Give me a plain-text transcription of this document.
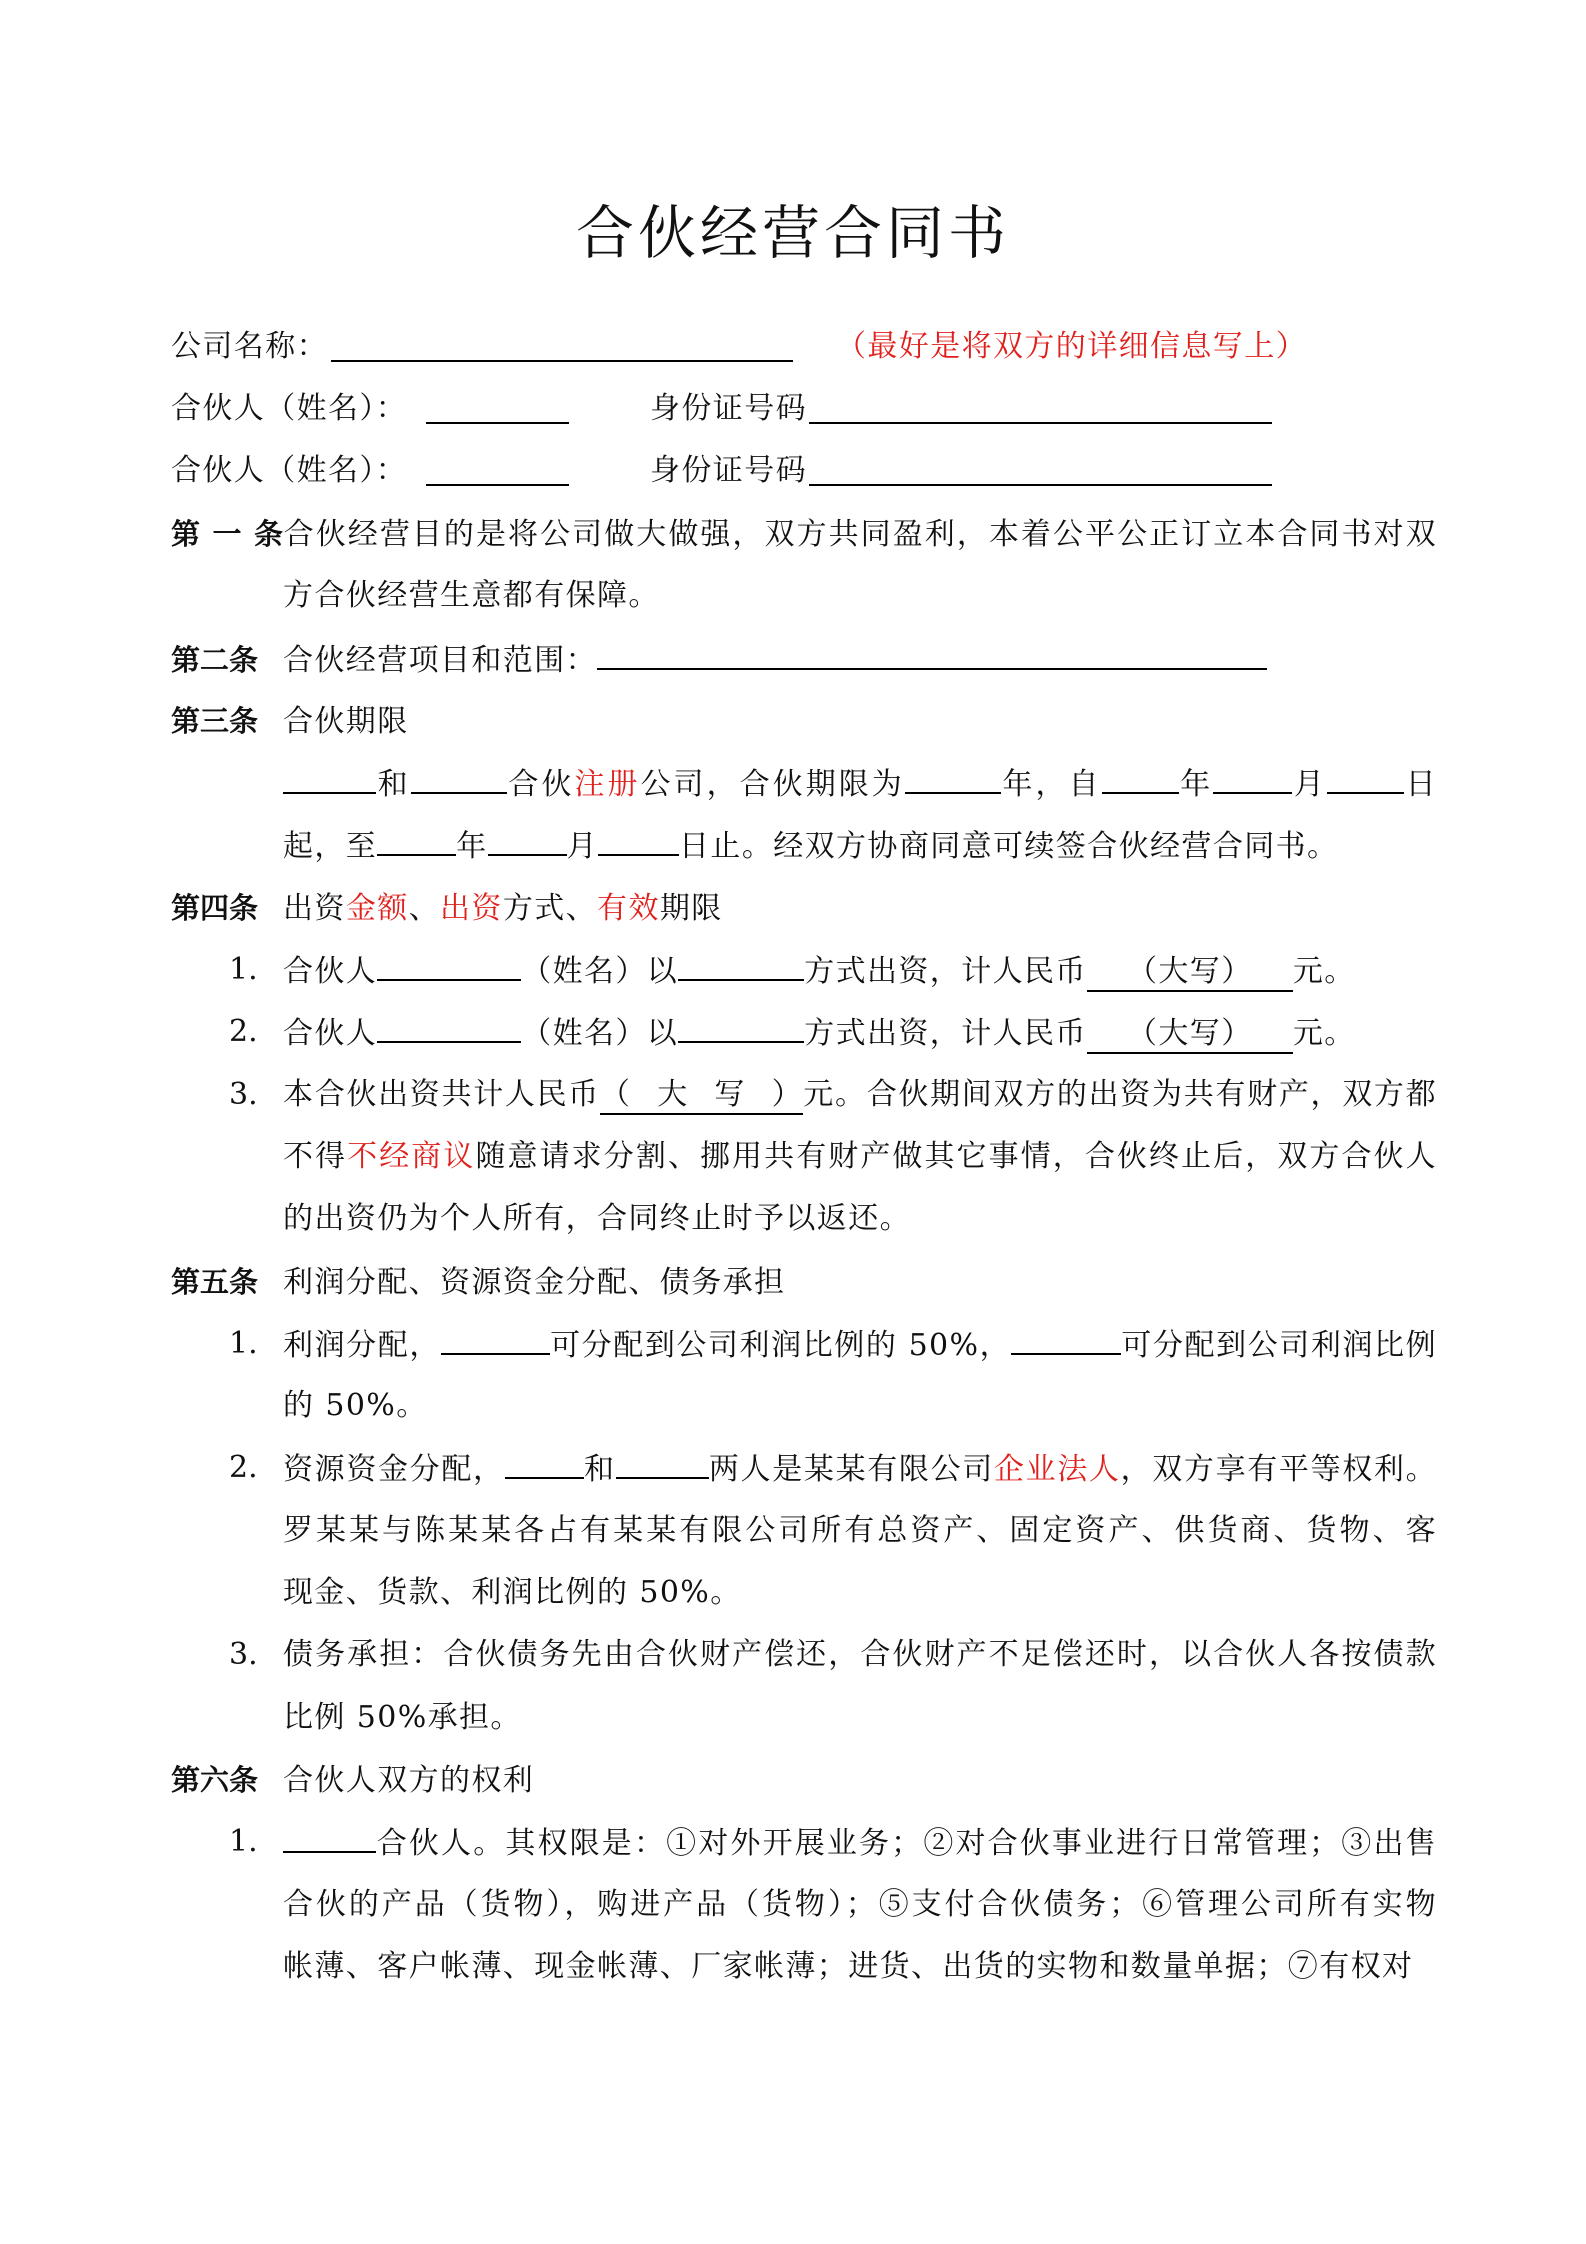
合伙经营合同书
公司名称：	（最好是将双方的详细信息写上）
合伙人（姓名）：	身份证号码
合伙人（姓名）：	身份证号码
第一条合伙经营目的是将公司做大做强，双方共同盈利，本着公平公正订立本合同书对双
方合伙经营生意都有保障。
第二条 合伙经营项目和范围：
第三条 合伙期限
和	合伙注册公司，合伙期限为	年，自	年	月	日
起，至	年	月	日止。经双方协商同意可续签合伙经营合同书。
第四条 出资金额、出资方式、有效期限
1. 合伙人	（姓名）以	方式出资，计人民币 （大写） 元。
2. 合伙人	（姓名）以	方式出资，计人民币 （大写） 元。
3. 本合伙出资共计人民币（大写）元。合伙期间双方的出资为共有财产，双方都
不得不经商议随意请求分割、挪用共有财产做其它事情，合伙终止后，双方合伙人
的出资仍为个人所有，合同终止时予以返还。
第五条 利润分配、资源资金分配、债务承担
1. 利润分配，	可分配到公司利润比例的 50%，	可分配到公司利润比例
的 50%。
2. 资源资金分配，	和	两人是某某有限公司企业法人，双方享有平等权利。
罗某某与陈某某各占有某某有限公司所有总资产、固定资产、供货商、货物、客
现金、货款、利润比例的 50%。
3. 债务承担：合伙债务先由合伙财产偿还，合伙财产不足偿还时，以合伙人各按债款
比例 50%承担。
第六条 合伙人双方的权利
1.	合伙人。其权限是：①对外开展业务；②对合伙事业进行日常管理；③出售
合伙的产品（货物），购进产品（货物）；⑤支付合伙债务；⑥管理公司所有实物
帐薄、客户帐薄、现金帐薄、厂家帐薄；进货、出货的实物和数量单据；⑦有权对
